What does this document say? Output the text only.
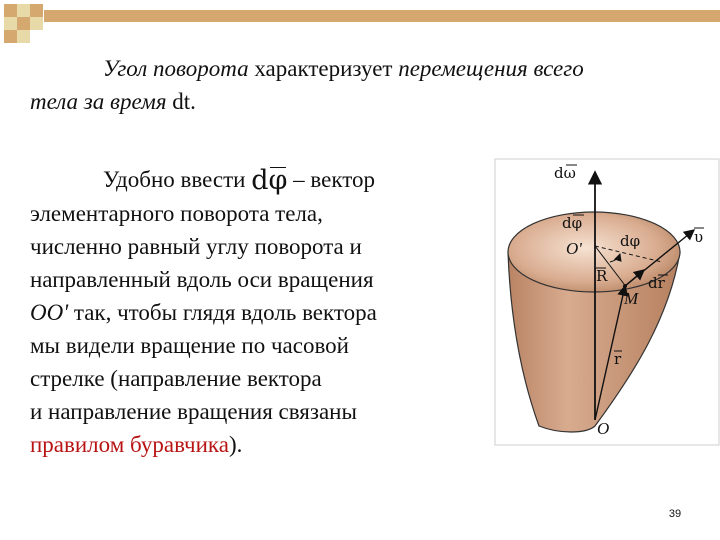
Угол поворота характеризует перемещения всего
тела за время dt.
Удобно ввести dφ – вектор
элементарного поворота тела,
численно равный углу поворота и
направленный вдоль оси вращения
OO' так, чтобы глядя вдоль вектора
мы видели вращение по часовой
стрелке (направление вектора
и направление вращения связаны
правилом буравчика).
dω
dφ
O'	dφ	υ
R
M
dr
r
O
39
